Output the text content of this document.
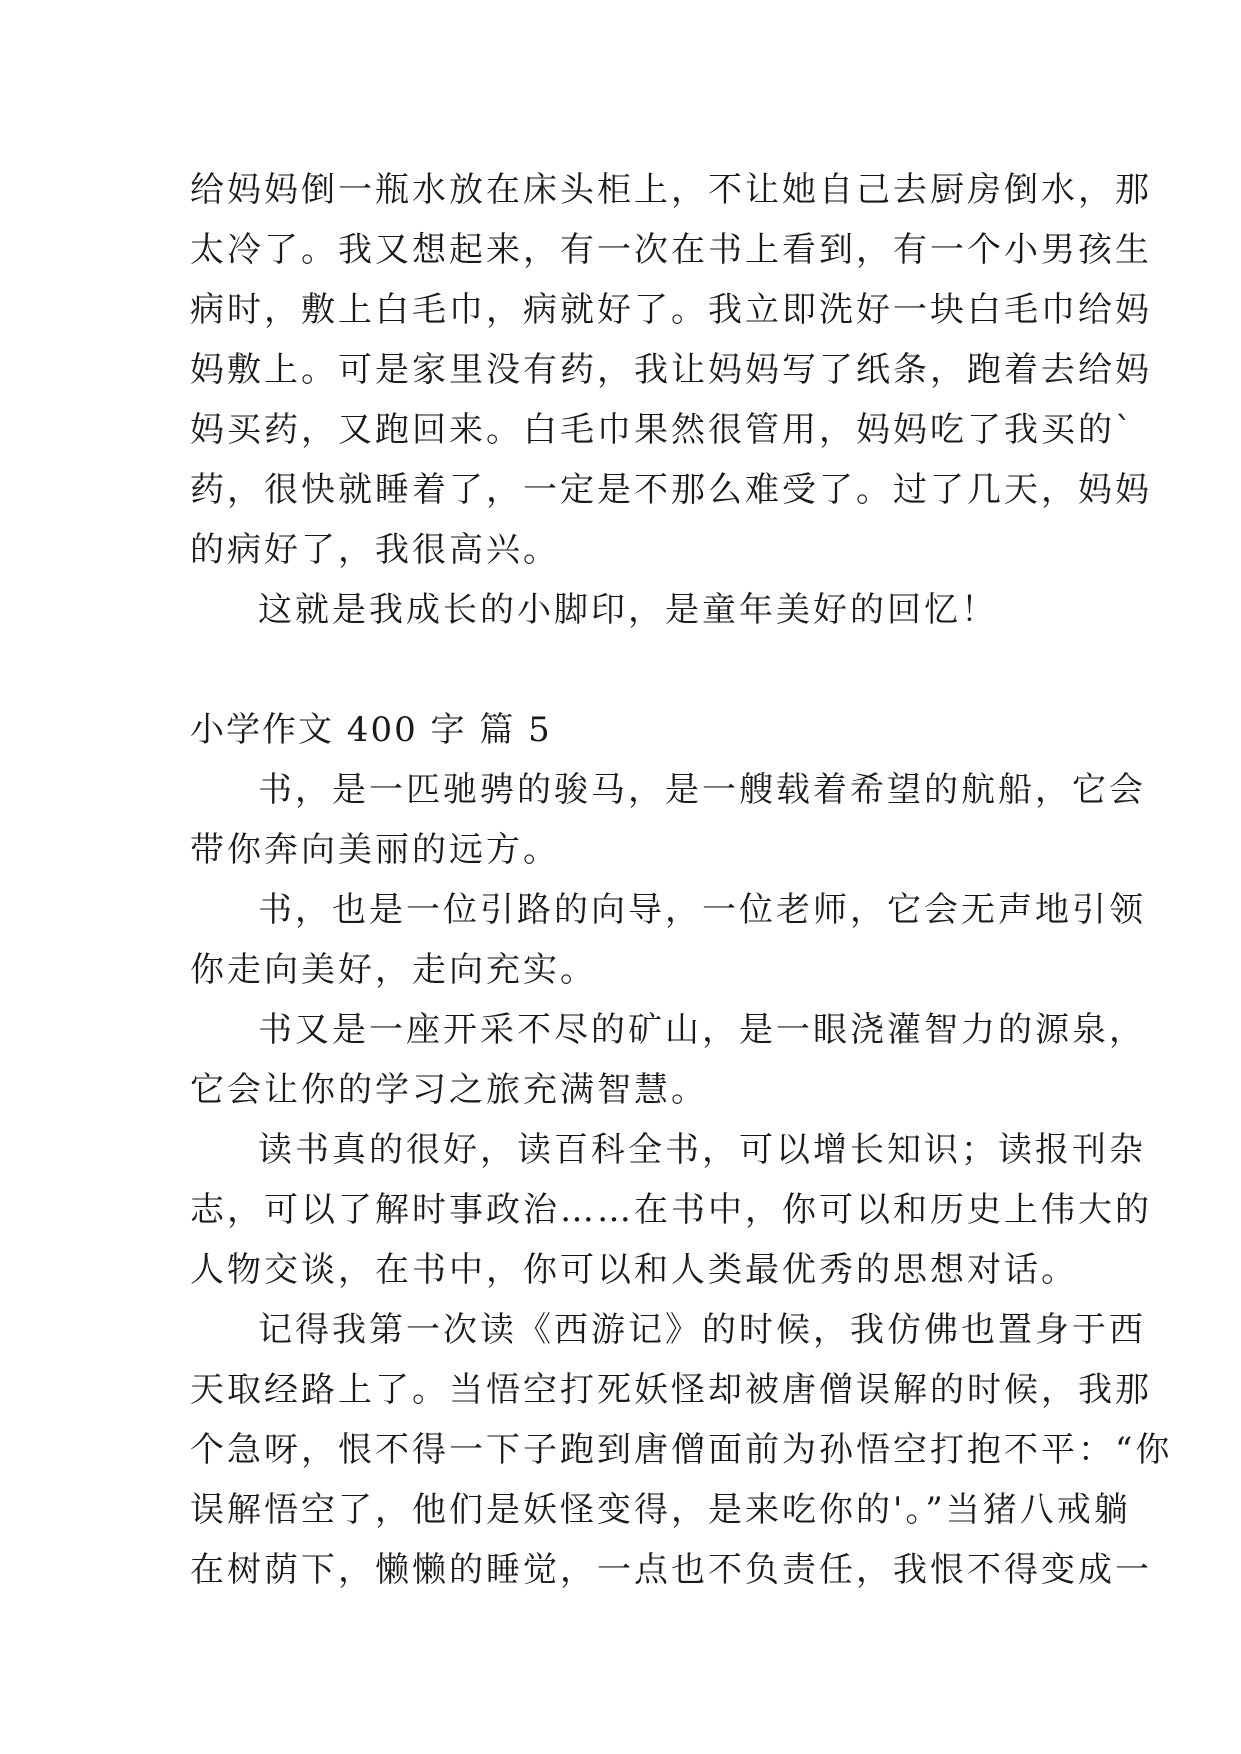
给妈妈倒一瓶水放在床头柜上，不让她自己去厨房倒水，那
太冷了。我又想起来，有一次在书上看到，有一个小男孩生
病时，敷上白毛巾，病就好了。我立即洗好一块白毛巾给妈
妈敷上。可是家里没有药，我让妈妈写了纸条，跑着去给妈
妈买药，又跑回来。白毛巾果然很管用，妈妈吃了我买的`
药，很快就睡着了，一定是不那么难受了。过了几天，妈妈
的病好了，我很高兴。
这就是我成长的小脚印，是童年美好的回忆！
小学作文 400 字 篇 5
书，是一匹驰骋的骏马，是一艘载着希望的航船，它会
带你奔向美丽的远方。
书，也是一位引路的向导，一位老师，它会无声地引领
你走向美好，走向充实。
书又是一座开采不尽的矿山，是一眼浇灌智力的源泉，
它会让你的学习之旅充满智慧。
读书真的很好，读百科全书，可以增长知识；读报刊杂
志，可以了解时事政治……在书中，你可以和历史上伟大的
人物交谈，在书中，你可以和人类最优秀的思想对话。
记得我第一次读《西游记》的时候，我仿佛也置身于西
天取经路上了。当悟空打死妖怪却被唐僧误解的时候，我那
个急呀，恨不得一下子跑到唐僧面前为孙悟空打抱不平：“你
误解悟空了，他们是妖怪变得，是来吃你的'。”当猪八戒躺
在树荫下，懒懒的睡觉，一点也不负责任，我恨不得变成一
